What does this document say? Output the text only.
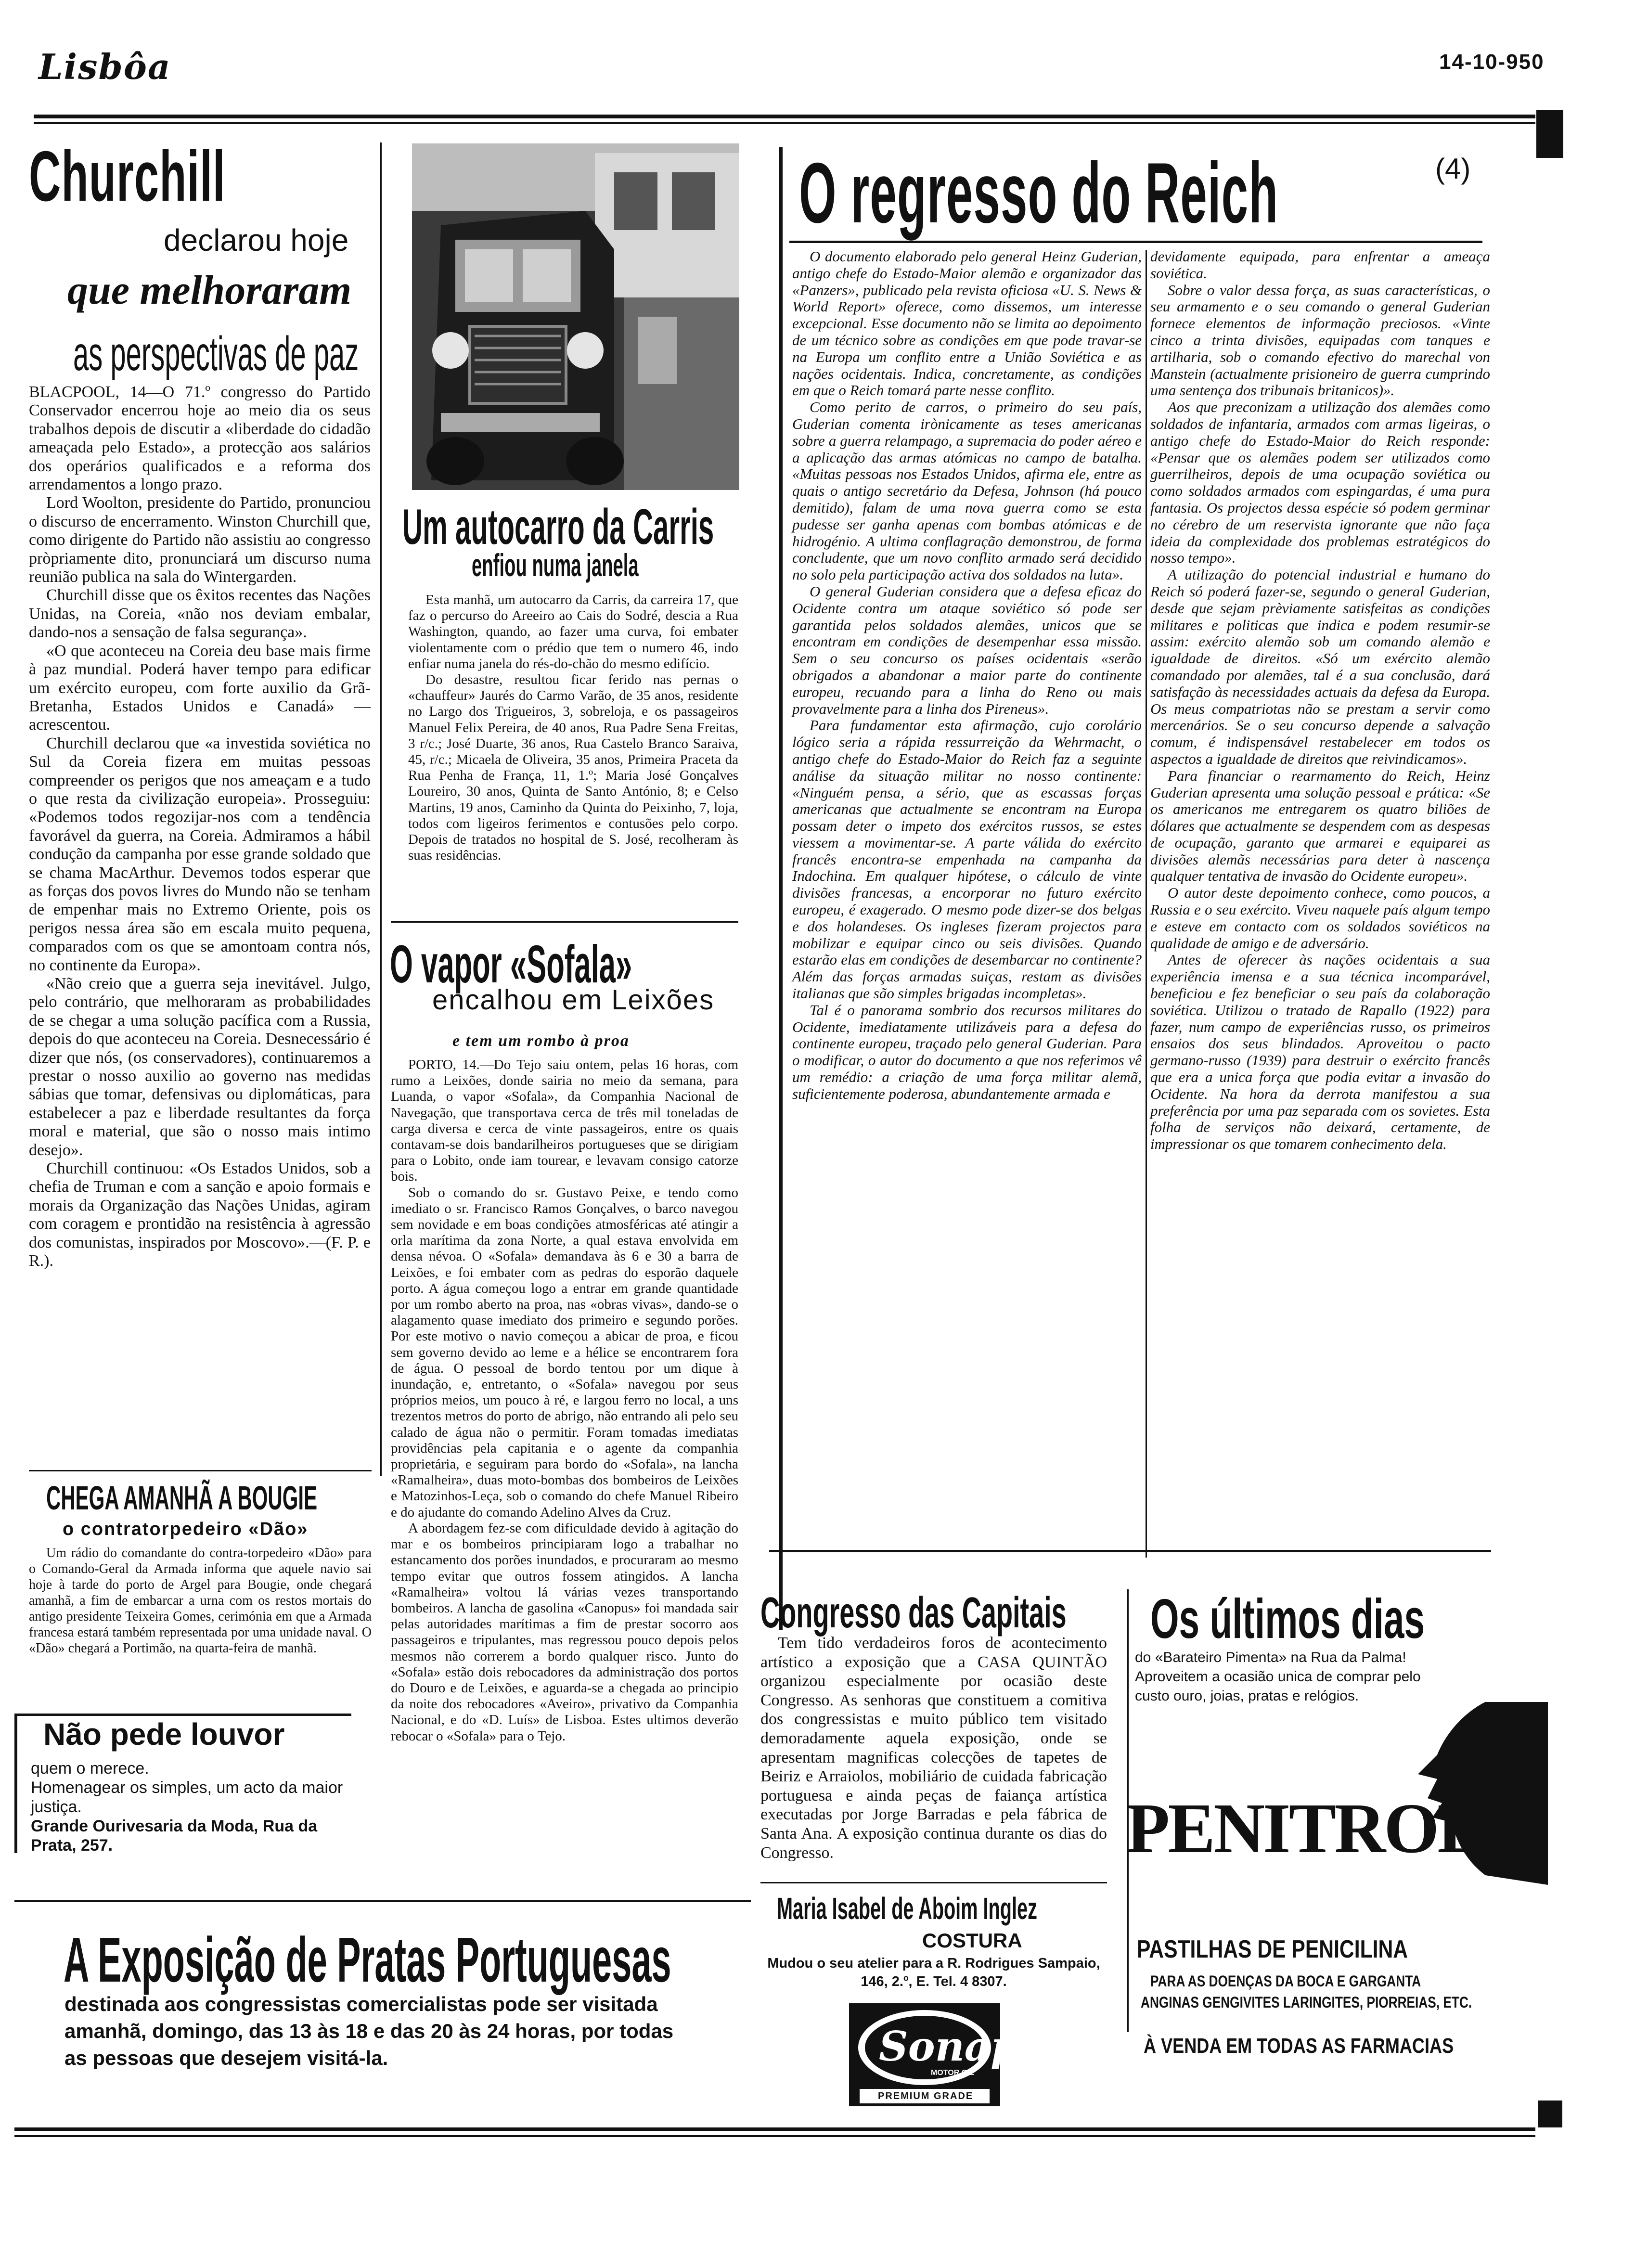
Lisbôa	14-10-950
Churchill
declarou hoje
que melhoraram
as perspectivas de paz

BLACPOOL, 14—O 71.º congresso do Partido Conservador encerrou hoje ao meio dia os seus trabalhos depois de discutir a «liberdade do cidadão ameaçada pelo Estado», a protecção aos salários dos operários qualificados e a reforma dos arrendamentos a longo prazo.

Lord Woolton, presidente do Partido, pronunciou o discurso de encerramento. Winston Churchill que, como dirigente do Partido não assistiu ao congresso pròpriamente dito, pronunciará um discurso numa reunião publica na sala do Wintergarden.

Churchill disse que os êxitos recentes das Nações Unidas, na Coreia, «não nos deviam embalar, dando-nos a sensação de falsa segurança».

«O que aconteceu na Coreia deu base mais firme à paz mundial. Poderá haver tempo para edificar um exército europeu, com forte auxilio da Grã-Bretanha, Estados Unidos e Canadá» —acrescentou.

Churchill declarou que «a investida soviética no Sul da Coreia fizera em muitas pessoas compreender os perigos que nos ameaçam e a tudo o que resta da civilização europeia». Prosseguiu: «Podemos todos regozijar-nos com a tendência favorável da guerra, na Coreia. Admiramos a hábil condução da campanha por esse grande soldado que se chama MacArthur. Devemos todos esperar que as forças dos povos livres do Mundo não se tenham de empenhar mais no Extremo Oriente, pois os perigos nessa área são em escala muito pequena, comparados com os que se amontoam contra nós, no continente da Europa».

«Não creio que a guerra seja inevitável. Julgo, pelo contrário, que melhoraram as probabilidades de se chegar a uma solução pacífica com a Russia, depois do que aconteceu na Coreia. Desnecessário é dizer que nós, (os conservadores), continuaremos a prestar o nosso auxilio ao governo nas medidas sábias que tomar, defensivas ou diplomáticas, para estabelecer a paz e liberdade resultantes da força moral e material, que são o nosso mais intimo desejo».

Churchill continuou: «Os Estados Unidos, sob a chefia de Truman e com a sanção e apoio formais e morais da Organização das Nações Unidas, agiram com coragem e prontidão na resistência à agressão dos comunistas, inspirados por Moscovo».—(F. P. e R.).

Um autocarro da Carris
enfiou numa janela

Esta manhã, um autocarro da Carris, da carreira 17, que faz o percurso do Areeiro ao Cais do Sodré, descia a Rua Washington, quando, ao fazer uma curva, foi embater violentamente com o prédio que tem o numero 46, indo enfiar numa janela do rés-do-chão do mesmo edifício.

Do desastre, resultou ficar ferido nas pernas o «chauffeur» Jaurés do Carmo Varão, de 35 anos, residente no Largo dos Trigueiros, 3, sobreloja, e os passageiros Manuel Felix Pereira, de 40 anos, Rua Padre Sena Freitas, 3 r/c.; José Duarte, 36 anos, Rua Castelo Branco Saraiva, 45, r/c.; Micaela de Oliveira, 35 anos, Primeira Praceta da Rua Penha de França, 11, 1.º; Maria José Gonçalves Loureiro, 30 anos, Quinta de Santo António, 8; e Celso Martins, 19 anos, Caminho da Quinta do Peixinho, 7, loja, todos com ligeiros ferimentos e contusões pelo corpo. Depois de tratados no hospital de S. José, recolheram às suas residências.

O vapor «Sofala»
encalhou em Leixões
e tem um rombo à proa

PORTO, 14.—Do Tejo saiu ontem, pelas 16 horas, com rumo a Leixões, donde sairia no meio da semana, para Luanda, o vapor «Sofala», da Companhia Nacional de Navegação, que transportava cerca de três mil toneladas de carga diversa e cerca de vinte passageiros, entre os quais contavam-se dois bandarilheiros portugueses que se dirigiam para o Lobito, onde iam tourear, e levavam consigo catorze bois.

Sob o comando do sr. Gustavo Peixe, e tendo como imediato o sr. Francisco Ramos Gonçalves, o barco navegou sem novidade e em boas condições atmosféricas até atingir a orla marítima da zona Norte, a qual estava envolvida em densa névoa. O «Sofala» demandava às 6 e 30 a barra de Leixões, e foi embater com as pedras do esporão daquele porto. A água começou logo a entrar em grande quantidade por um rombo aberto na proa, nas «obras vivas», dando-se o alagamento quase imediato dos primeiro e segundo porões. Por este motivo o navio começou a abicar de proa, e ficou sem governo devido ao leme e a hélice se encontrarem fora de água. O pessoal de bordo tentou por um dique à inundação, e, entretanto, o «Sofala» navegou por seus próprios meios, um pouco à ré, e largou ferro no local, a uns trezentos metros do porto de abrigo, não entrando ali pelo seu calado de água não o permitir. Foram tomadas imediatas providências pela capitania e o agente da companhia proprietária, e seguiram para bordo do «Sofala», na lancha «Ramalheira», duas moto-bombas dos bombeiros de Leixões e Matozinhos-Leça, sob o comando do chefe Manuel Ribeiro e do ajudante do comando Adelino Alves da Cruz.

A abordagem fez-se com dificuldade devido à agitação do mar e os bombeiros principiaram logo a trabalhar no estancamento dos porões inundados, e procuraram ao mesmo tempo evitar que outros fossem atingidos. A lancha «Ramalheira» voltou lá várias vezes transportando bombeiros. A lancha de gasolina «Canopus» foi mandada sair pelas autoridades marítimas a fim de prestar socorro aos passageiros e tripulantes, mas regressou pouco depois pelos mesmos não correrem a bordo qualquer risco. Junto do «Sofala» estão dois rebocadores da administração dos portos do Douro e de Leixões, e aguarda-se a chegada ao principio da noite dos rebocadores «Aveiro», privativo da Companhia Nacional, e do «D. Luís» de Lisboa. Estes ultimos deverão rebocar o «Sofala» para o Tejo.

CHEGA AMANHÃ A BOUGIE
o contratorpedeiro «Dão»

Um rádio do comandante do contra-torpedeiro «Dão» para o Comando-Geral da Armada informa que aquele navio sai hoje à tarde do porto de Argel para Bougie, onde chegará amanhã, a fim de embarcar a urna com os restos mortais do antigo presidente Teixeira Gomes, cerimónia em que a Armada francesa estará também representada por uma unidade naval. O «Dão» chegará a Portimão, na quarta-feira de manhã.

Não pede louvor
quem o merece.
Homenagear os simples, um acto da maior justiça.
Grande Ourivesaria da Moda, Rua da Prata, 257.
A Exposição de Pratas Portuguesas
destinada aos congressistas comercialistas pode ser visitada amanhã, domingo, das 13 às 18 e das 20 às 24 horas, por todas as pessoas que desejem visitá-la.
O regresso do Reich	(4)

O documento elaborado pelo general Heinz Guderian, antigo chefe do Estado-Maior alemão e organizador das «Panzers», publicado pela revista oficiosa «U. S. News & World Report» oferece, como dissemos, um interesse excepcional. Esse documento não se limita ao depoimento de um técnico sobre as condições em que pode travar-se na Europa um conflito entre a União Soviética e as nações ocidentais. Indica, concretamente, as condições em que o Reich tomará parte nesse conflito.

Como perito de carros, o primeiro do seu país, Guderian comenta irònicamente as teses americanas sobre a guerra relampago, a supremacia do poder aéreo e a aplicação das armas atómicas no campo de batalha. «Muitas pessoas nos Estados Unidos, afirma ele, entre as quais o antigo secretário da Defesa, Johnson (há pouco demitido), falam de uma nova guerra como se esta pudesse ser ganha apenas com bombas atómicas e de hidrogénio. A ultima conflagração demonstrou, de forma concludente, que um novo conflito armado será decidido no solo pela participação activa dos soldados na luta».

O general Guderian considera que a defesa eficaz do Ocidente contra um ataque soviético só pode ser garantida pelos soldados alemães, unicos que se encontram em condições de desempenhar essa missão. Sem o seu concurso os países ocidentais «serão obrigados a abandonar a maior parte do continente europeu, recuando para a linha do Reno ou mais provavelmente para a linha dos Pireneus».

Para fundamentar esta afirmação, cujo corolário lógico seria a rápida ressurreição da Wehrmacht, o antigo chefe do Estado-Maior do Reich faz a seguinte análise da situação militar no nosso continente: «Ninguém pensa, a sério, que as escassas forças americanas que actualmente se encontram na Europa possam deter o impeto dos exércitos russos, se estes viessem a movimentar-se. A parte válida do exército francês encontra-se empenhada na campanha da Indochina. Em qualquer hipótese, o cálculo de vinte divisões francesas, a encorporar no futuro exército europeu, é exagerado. O mesmo pode dizer-se dos belgas e dos holandeses. Os ingleses fizeram projectos para mobilizar e equipar cinco ou seis divisões. Quando estarão elas em condições de desembarcar no continente? Além das forças armadas suiças, restam as divisões italianas que são simples brigadas incompletas».

Tal é o panorama sombrio dos recursos militares do Ocidente, imediatamente utilizáveis para a defesa do continente europeu, traçado pelo general Guderian. Para o modificar, o autor do documento a que nos referimos vê um remédio: a criação de uma força militar alemã, suficientemente poderosa, abundantemente armada e

devidamente equipada, para enfrentar a ameaça soviética.

Sobre o valor dessa força, as suas características, o seu armamento e o seu comando o general Guderian fornece elementos de informação preciosos. «Vinte cinco a trinta divisões, equipadas com tanques e artilharia, sob o comando efectivo do marechal von Manstein (actualmente prisioneiro de guerra cumprindo uma sentença dos tribunais britanicos)».

Aos que preconizam a utilização dos alemães como soldados de infantaria, armados com armas ligeiras, o antigo chefe do Estado-Maior do Reich responde: «Pensar que os alemães podem ser utilizados como guerrilheiros, depois de uma ocupação soviética ou como soldados armados com espingardas, é uma pura fantasia. Os projectos dessa espécie só podem germinar no cérebro de um reservista ignorante que não faça ideia da complexidade dos problemas estratégicos do nosso tempo».

A utilização do potencial industrial e humano do Reich só poderá fazer-se, segundo o general Guderian, desde que sejam prèviamente satisfeitas as condições militares e politicas que indica e podem resumir-se assim: exército alemão sob um comando alemão e igualdade de direitos. «Só um exército alemão comandado por alemães, tal é a sua conclusão, dará satisfação às necessidades actuais da defesa da Europa. Os meus compatriotas não se prestam a servir como mercenários. Se o seu concurso depende a salvação comum, é indispensável restabelecer em todos os aspectos a igualdade de direitos que reivindicamos».

Para financiar o rearmamento do Reich, Heinz Guderian apresenta uma solução pessoal e prática: «Se os americanos me entregarem os quatro biliões de dólares que actualmente se despendem com as despesas de ocupação, garanto que armarei e equiparei as divisões alemãs necessárias para deter à nascença qualquer tentativa de invasão do Ocidente europeu».

O autor deste depoimento conhece, como poucos, a Russia e o seu exército. Viveu naquele país algum tempo e esteve em contacto com os soldados soviéticos na qualidade de amigo e de adversário.

Antes de oferecer às nações ocidentais a sua experiência imensa e a sua técnica incomparável, beneficiou e fez beneficiar o seu país da colaboração soviética. Utilizou o tratado de Rapallo (1922) para fazer, num campo de experiências russo, os primeiros ensaios dos seus blindados. Aproveitou o pacto germano-russo (1939) para destruir o exército francês que era a unica força que podia evitar a invasão do Ocidente. Na hora da derrota manifestou a sua preferência por uma paz separada com os sovietes. Esta folha de serviços não deixará, certamente, de impressionar os que tomarem conhecimento dela.

Congresso das Capitais

Tem tido verdadeiros foros de acontecimento artístico a exposição que a CASA QUINTÃO organizou especialmente por ocasião deste Congresso. As senhoras que constituem a comitiva dos congressistas e muito público tem visitado demoradamente aquela exposição, onde se apresentam magnificas colecções de tapetes de Beiriz e Arraiolos, mobiliário de cuidada fabricação portuguesa e ainda peças de faiança artística executadas por Jorge Barradas e pela fábrica de Santa Ana. A exposição continua durante os dias do Congresso.

Maria Isabel de Aboim Inglez
COSTURA
Mudou o seu atelier para a R. Rodrigues Sampaio, 146, 2.º, E. Tel. 4 8307.
Sonap
MOTOR OIL
PREMIUM GRADE
Os últimos dias
do «Barateiro Pimenta» na Rua da Palma! Aproveitem a ocasião unica de comprar pelo custo ouro, joias, pratas e relógios.
PENITROL
PASTILHAS DE PENICILINA
PARA AS DOENÇAS DA BOCA E GARGANTA
ANGINAS GENGIVITES LARINGITES, PIORREIAS, ETC.
À VENDA EM TODAS AS FARMACIAS
